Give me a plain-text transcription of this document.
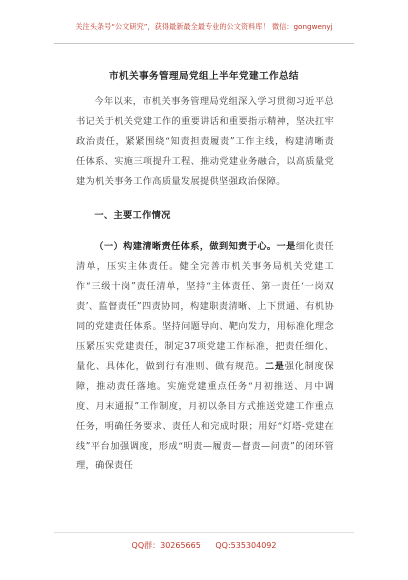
关注头条号“公文研究”，获得最新最全最专业的公文资料库！ 微信：gongwenyj
市机关事务管理局党组上半年党建工作总结

今年以来，市机关事务管理局党组深入学习贯彻习近平总书记关于机关党建工作的重要讲话和重要指示精神，坚决扛牢政治责任，紧紧围绕“知责担责履责”工作主线，构建清晰责任体系、实施三项提升工程、推动党建业务融合，以高质量党建为机关事务工作高质量发展提供坚强政治保障。

一、主要工作情况

（一）构建清晰责任体系，做到知责于心。一是细化责任清单，压实主体责任。健全完善市机关事务局机关党建工作“三级十岗”责任清单，坚持“主体责任、第一责任‘一岗双责’、监督责任”四责协同，构建职责清晰、上下贯通、有机协同的党建责任体系。坚持问题导向、靶向发力，用标准化理念压紧压实党建责任，制定37项党建工作标准，把责任细化、量化、具体化，做到行有准则、做有规范。二是强化制度保障，推动责任落地。实施党建重点任务“月初推送、月中调度、月末通报”工作制度，月初以条目方式推送党建工作重点任务，明确任务要求、责任人和完成时限；用好“灯塔-党建在线”平台加强调度，形成“明责—履责—督责—问责”的闭环管理，确保责任

QQ群：30265665 QQ:535304092
